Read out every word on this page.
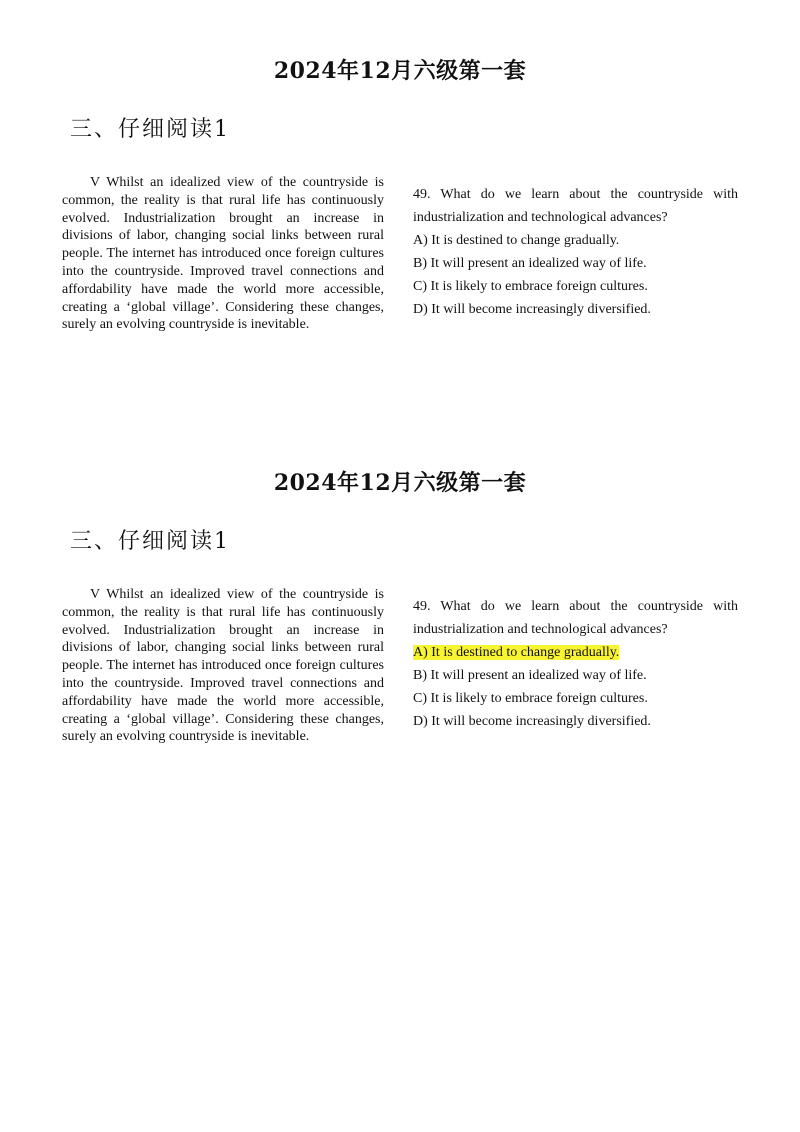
2024年12月六级第一套
三、仔细阅读1

V Whilst an idealized view of the countryside is common, the reality is that rural life has continuously evolved. Industrialization brought an increase in divisions of labor, changing social links between rural people. The internet has introduced once foreign cultures into the countryside. Improved travel connections and affordability have made the world more accessible, creating a ‘global village’. Considering these changes, surely an evolving countryside is inevitable.

49. What do we learn about the countryside with industrialization and technological advances?

A) It is destined to change gradually.
B) It will present an idealized way of life.
C) It is likely to embrace foreign cultures.
D) It will become increasingly diversified.
2024年12月六级第一套
三、仔细阅读1

V Whilst an idealized view of the countryside is common, the reality is that rural life has continuously evolved. Industrialization brought an increase in divisions of labor, changing social links between rural people. The internet has introduced once foreign cultures into the countryside. Improved travel connections and affordability have made the world more accessible, creating a ‘global village’. Considering these changes, surely an evolving countryside is inevitable.

49. What do we learn about the countryside with industrialization and technological advances?

A) It is destined to change gradually.
B) It will present an idealized way of life.
C) It is likely to embrace foreign cultures.
D) It will become increasingly diversified.
